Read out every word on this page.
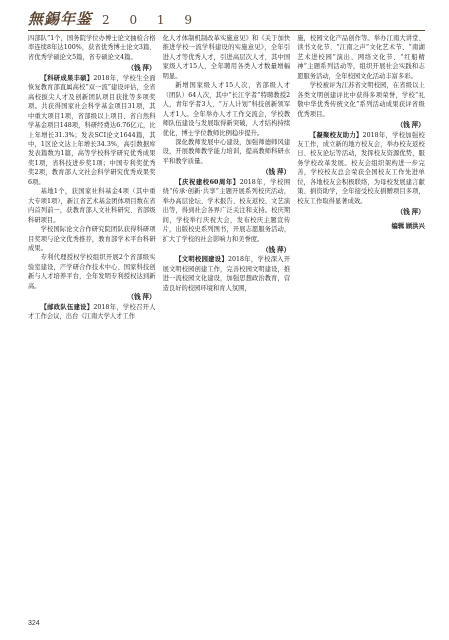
無錫年鉴 2 0 1 9

四部队”1个，国务院学位办博士论文抽检合格率连续8年达100%，获省优秀博士论文3篇、省优秀学硕论文5篇，省专硕论文4篇。

（钱 萍）

【科研成果丰硕】2018年，学校生全面恢复教育部直属高校“双一流”建设评估，全省高校拔尖人才及创新团队项目获批等多项奖项。共获得国家社会科学基金项目31项，其中重大项目1项，省部级以上项目、省自然科学基金项目148项，科研经费达6.76亿元，比上年增长31.3%；发表SCI论文1644篇，其中，1区论文达上年增长34.3%，高引数据库发表篇数为1篇，高等学校科学研究优秀成果奖1项，省科技进步奖1项；中国专利奖优秀奖2项，教育部人文社会科学研究优秀成果奖6项。

基地1个，获国家社科基金4项（其中重大专项1项），新江省艺术基金团体项目数在省内首列前一，获教育部人文社科研究、省部级科研项目。

学校国际论文合作研究院团队获得科研项目奖项与论文优秀推荐，教育部学术平台科研成果。

专利代理授权学校组织开展2个省部级实验室建设，产学研合作技术中心、国家科技创新与人才培养平台，全年发明专利授权达到新高。

（钱 萍）

【邮政队伍建设】2018年，学校召开人才工作会议，出台《江南大学人才工作

化人才体制机制改革实施意见》和《关于加快推进学校一流学科建设的实施意见》，全年引进人才等优秀人才，引进高层次人才，其中国家级人才15人，全年聘用各类人才数量增幅明显。

新增国家级人才15人次，省部级人才（团队）64人次，其中“长江学者”特聘教授2人，青年学者3人，“万人计划”科技创新领军人才1人。全年举办人才工作交流会，学校教师队伍建设与发展取得新突破，人才结构持续优化，博士学位教师比例稳步提升。

深化教师发展中心建设，加强师德师风建设，开展教师教学能力培训，提高教师科研水平和教学质量。

（钱 萍）

【庆祝建校60周年】2018年，学校围绕“传承·创新·共享”主题开展系列校庆活动，举办高层论坛、学术报告、校友返校、文艺演出等，得到社会各界广泛关注和支持。校庆期间，学校举行庆祝大会，发布校庆主题宣传片，出版校史系列图书，开展志愿服务活动，扩大了学校的社会影响力和美誉度。

（钱 萍）

【文明校园建设】2018年，学校深入开展文明校园创建工作，完善校园文明建设，推进一流校园文化建设，加强思想政治教育，营造良好的校园环境和育人氛围，

施，校园文化产品创作等。举办江南大讲堂、读书文化节、“江南之声”文化艺术节、“南湖艺术进校园”演出、网络文化节、“红船精神”主题系列活动等，组织开展社会实践和志愿服务活动，全年校园文化活动丰富多彩。

学校被评为江苏省文明校园，在省级以上各类文明创建评比中获得多项荣誉，学校“礼敬中华优秀传统文化”系列活动成果获评省级优秀项目。

（钱 萍）

【凝聚校友助力】2018年，学校加强校友工作，成立新的地方校友会，举办校友返校日、校友论坛等活动，发挥校友资源优势，服务学校改革发展。校友会组织架构进一步完善，学校校友总会荣获全国校友工作先进单位，各地校友会积极联络，为母校发展建言献策、捐资助学，全年接受校友捐赠项目多项，校友工作取得显著成效。

（钱 萍）
编辑 顾洪兴
324
